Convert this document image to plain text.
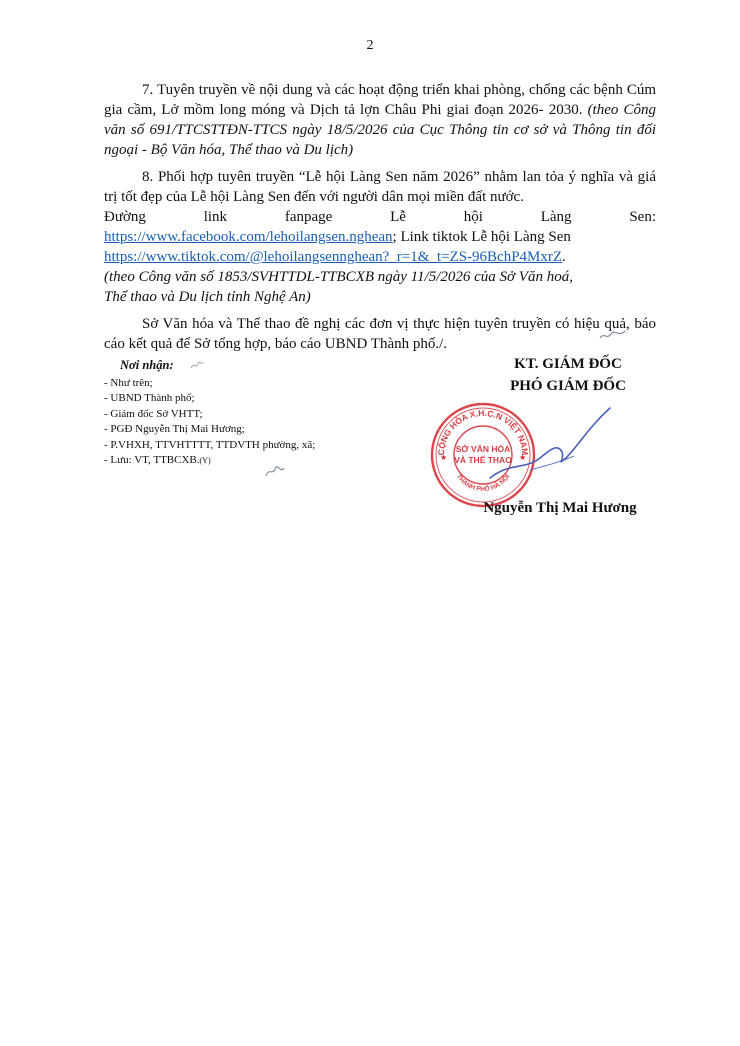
2

7. Tuyên truyền về nội dung và các hoạt động triển khai phòng, chống các bệnh Cúm gia cầm, Lở mồm long móng và Dịch tả lợn Châu Phi giai đoạn 2026- 2030. (theo Công văn số 691/TTCSTTĐN-TTCS ngày 18/5/2026 của Cục Thông tin cơ sở và Thông tin đối ngoại - Bộ Văn hóa, Thể thao và Du lịch)

8. Phối hợp tuyên truyền “Lễ hội Làng Sen năm 2026” nhằm lan tỏa ý nghĩa và giá trị tốt đẹp của Lễ hội Làng Sen đến với người dân mọi miền đất nước.
Đường	link	fanpage	Lễ	hội	Làng	Sen:
https://www.facebook.com/lehoilangsen.nghean; Link tiktok Lễ hội Làng Sen
https://www.tiktok.com/@lehoilangsennghean?_r=1&_t=ZS-96BchP4MxrZ.
(theo Công văn số 1853/SVHTTDL-TTBCXB ngày 11/5/2026 của Sở Văn hoá,
Thể thao và Du lịch tỉnh Nghệ An)

Sở Văn hóa và Thể thao đề nghị các đơn vị thực hiện tuyên truyền có hiệu quả, báo cáo kết quả để Sở tổng hợp, báo cáo UBND Thành phố./.

Nơi nhận:
- Như trên;
- UBND Thành phố;
- Giám đốc Sở VHTT;
- PGĐ Nguyễn Thị Mai Hương;
- P.VHXH, TTVHTTTT, TTDVTH phường, xã;
- Lưu: VT, TTBCXB.(Y)
KT. GIÁM ĐỐC
PHÓ GIÁM ĐỐC
CỘNG HÒA X.H.C.N VIỆT NAM
THÀNH PHỐ HÀ NỘI
SỞ VĂN HÓA
VÀ THỂ THAO
★	★
Nguyễn Thị Mai Hương
